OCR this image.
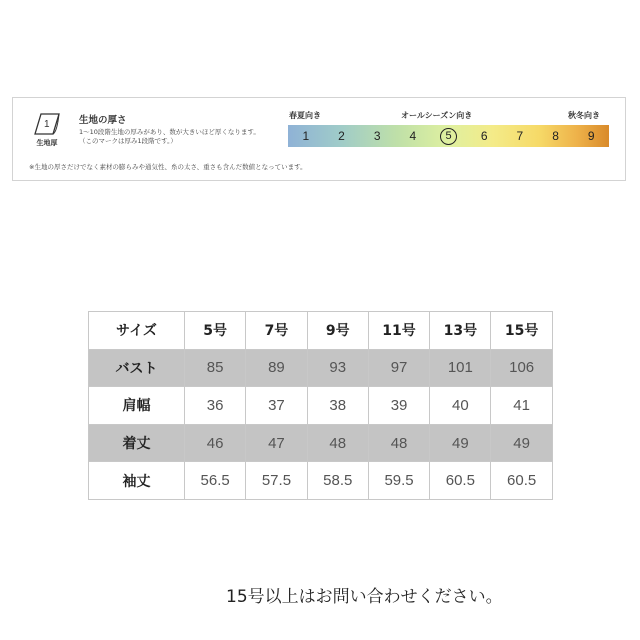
1
生地厚
生地の厚さ
1～10段階生地の厚みがあり、数が大きいほど厚くなります。
（このマークは厚み1段階です。）
※生地の厚さだけでなく素材の膨らみや通気性、糸の太さ、重さも含んだ数値となっています。
春夏向き	オールシーズン向き	秋冬向き
1 2 3 4	5	6 7 8 9
サイズ	5号	7号	9号	11号	13号	15号
バスト	85	89	93	97	101	106
肩幅	36	37	38	39	40	41
着丈	46	47	48	48	49	49
袖丈	56.5	57.5	58.5	59.5	60.5	60.5
15号以上はお問い合わせください。
